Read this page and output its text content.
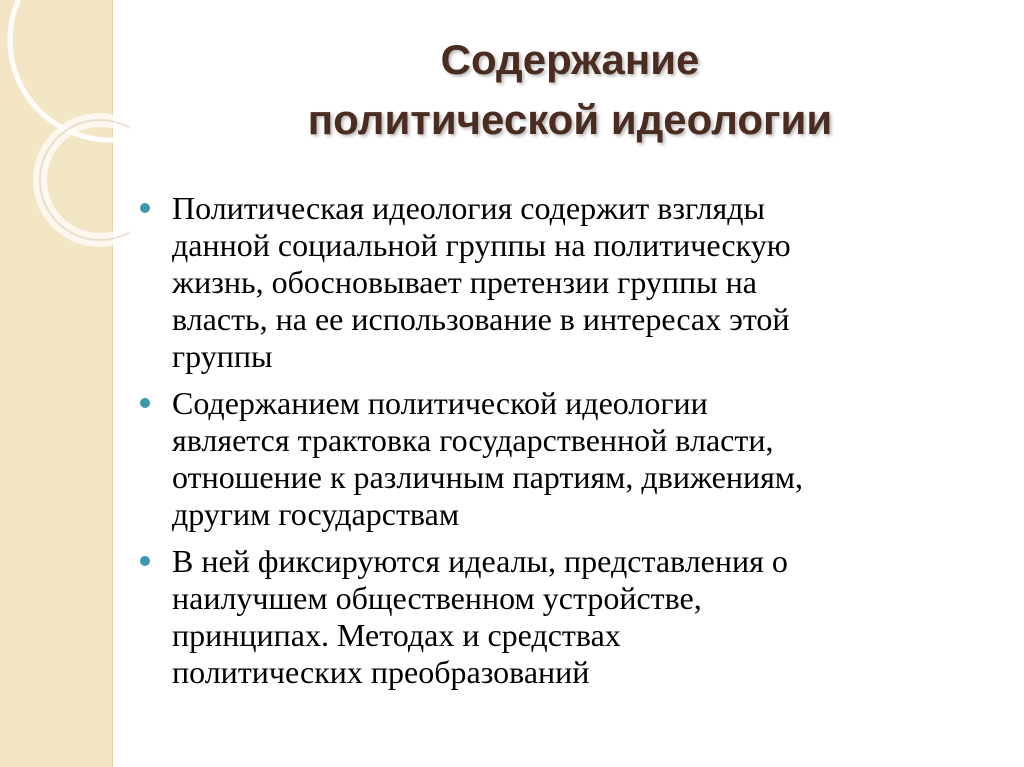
Содержание
политической идеологии
Политическая идеология содержит взгляды
данной социальной группы на политическую
жизнь, обосновывает претензии группы на
власть, на ее использование в интересах этой
группы
Содержанием политической идеологии
является трактовка государственной власти,
отношение к различным партиям, движениям,
другим государствам
В ней фиксируются идеалы, представления о
наилучшем общественном устройстве,
принципах. Методах и средствах
политических преобразований
